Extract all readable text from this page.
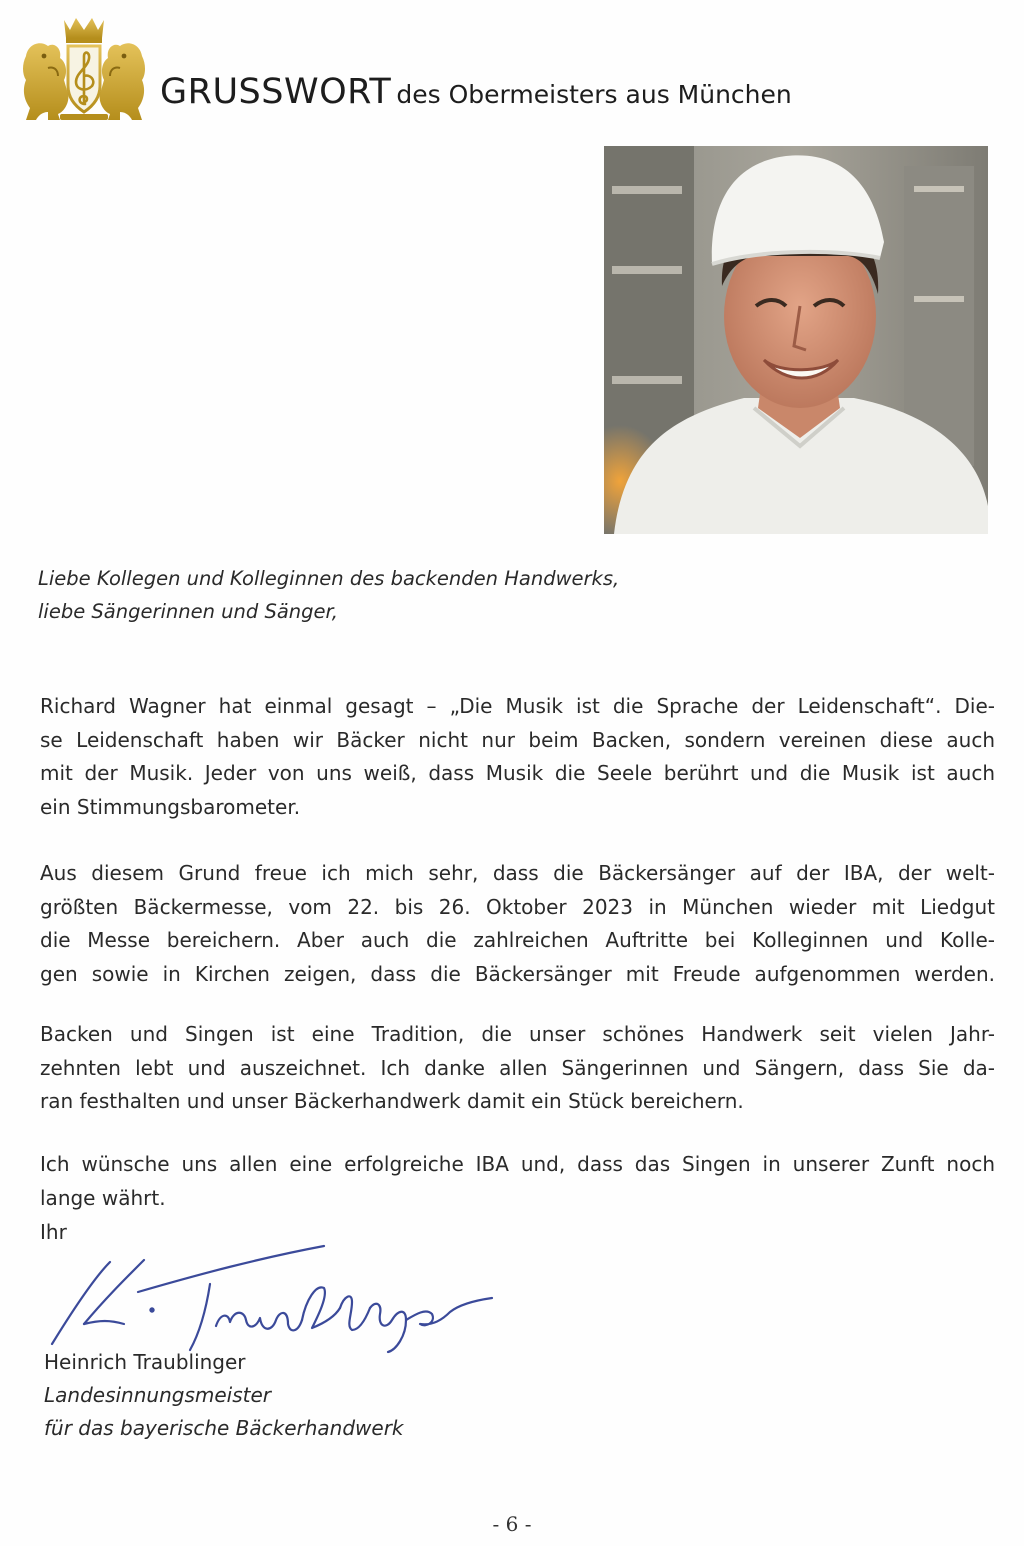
GRUSSWORT des Obermeisters aus München
Liebe Kollegen und Kolleginnen des backenden Handwerks,
liebe Sängerinnen und Sänger,
Richard Wagner hat einmal gesagt – „Die Musik ist die Sprache der Leidenschaft“. Die-
se Leidenschaft haben wir Bäcker nicht nur beim Backen, sondern vereinen diese auch
mit der Musik. Jeder von uns weiß, dass Musik die Seele berührt und die Musik ist auch
ein Stimmungsbarometer.
Aus diesem Grund freue ich mich sehr, dass die Bäckersänger auf der IBA, der welt-
größten Bäckermesse, vom 22. bis 26. Oktober 2023 in München wieder mit Liedgut
die Messe bereichern. Aber auch die zahlreichen Auftritte bei Kolleginnen und Kolle-
gen sowie in Kirchen zeigen, dass die Bäckersänger mit Freude aufgenommen werden.
Backen und Singen ist eine Tradition, die unser schönes Handwerk seit vielen Jahr-
zehnten lebt und auszeichnet. Ich danke allen Sängerinnen und Sängern, dass Sie da-
ran festhalten und unser Bäckerhandwerk damit ein Stück bereichern.
Ich wünsche uns allen eine erfolgreiche IBA und, dass das Singen in unserer Zunft noch
lange währt.
Ihr
Heinrich Traublinger
Landesinnungsmeister
für das bayerische Bäckerhandwerk
- 6 -
